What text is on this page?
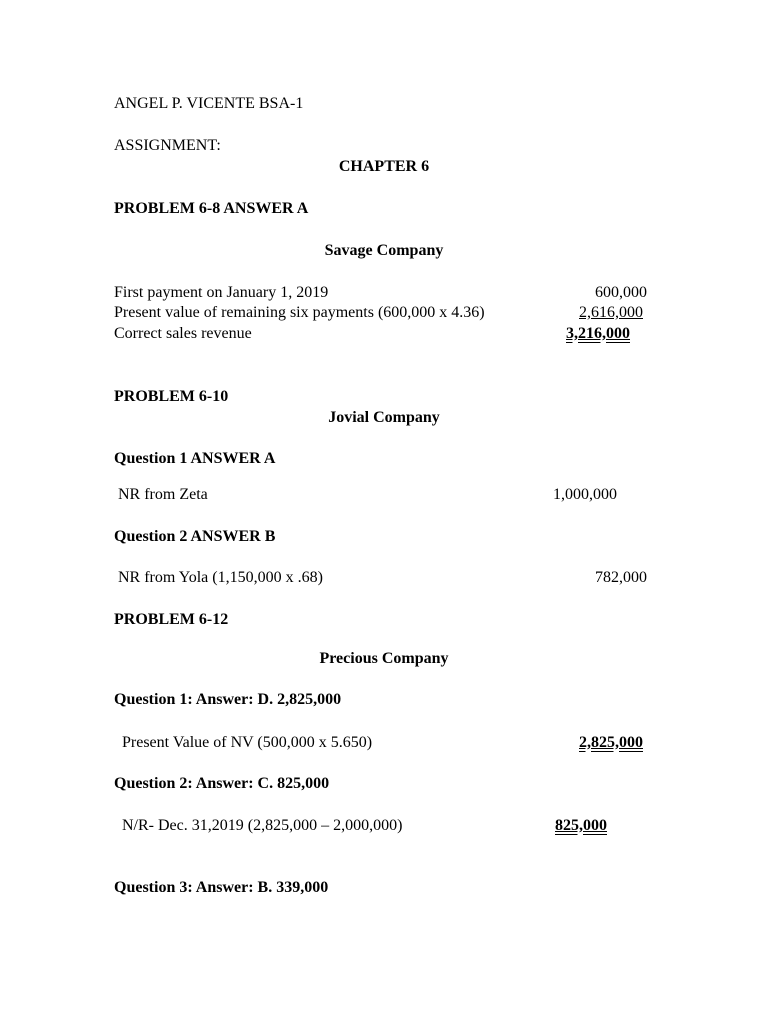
ANGEL P. VICENTE BSA-1
ASSIGNMENT:
CHAPTER 6
PROBLEM 6-8 ANSWER A
Savage Company
First payment on January 1, 2019	600,000
Present value of remaining six payments (600,000 x 4.36)	2,616,000
Correct sales revenue	3,216,000
PROBLEM 6-10
Jovial Company
Question 1 ANSWER A
NR from Zeta	1,000,000
Question 2 ANSWER B
NR from Yola (1,150,000 x .68)	782,000
PROBLEM 6-12
Precious Company
Question 1: Answer: D. 2,825,000
Present Value of NV (500,000 x 5.650)	2,825,000
Question 2: Answer: C. 825,000
N/R- Dec. 31,2019 (2,825,000 – 2,000,000)	825,000
Question 3: Answer: B. 339,000
